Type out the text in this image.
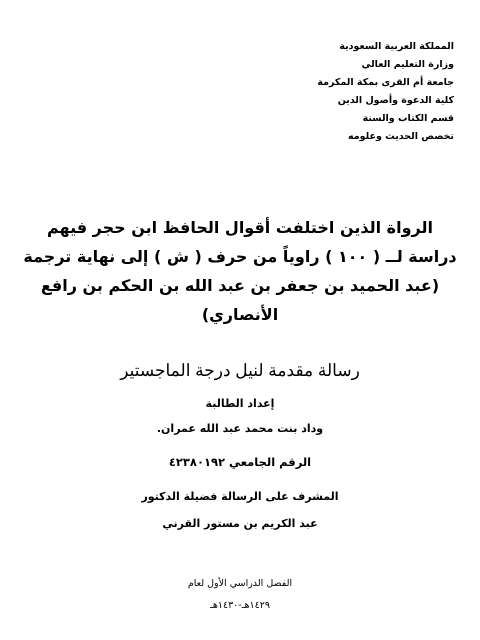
المملكة العربية السعودية
وزارة التعليم العالي
جامعة أم القرى بمكة المكرمة
كلية الدعوة وأصول الدين
قسم الكتاب والسنة
تخصص الحديث وعلومه
الرواة الذين اختلفت أقوال الحافظ ابن حجر فيهم
دراسة لــ ( ١٠٠ ) راوياً من حرف ( ش ) إلى نهاية ترجمة
(عبد الحميد بن جعفر بن عبد الله بن الحكم بن رافع
الأنصاري)
رسالة مقدمة لنيل درجة الماجستير
إعداد الطالبة
وداد بنت محمد عبد الله عمران.
الرقم الجامعي ٤٢٣٨٠١٩٢
المشرف على الرسالة فضيلة الدكتور
عبد الكريم بن مستور القرني
الفصل الدراسي الأول لعام
١٤٢٩هـ-١٤٣٠هـ
